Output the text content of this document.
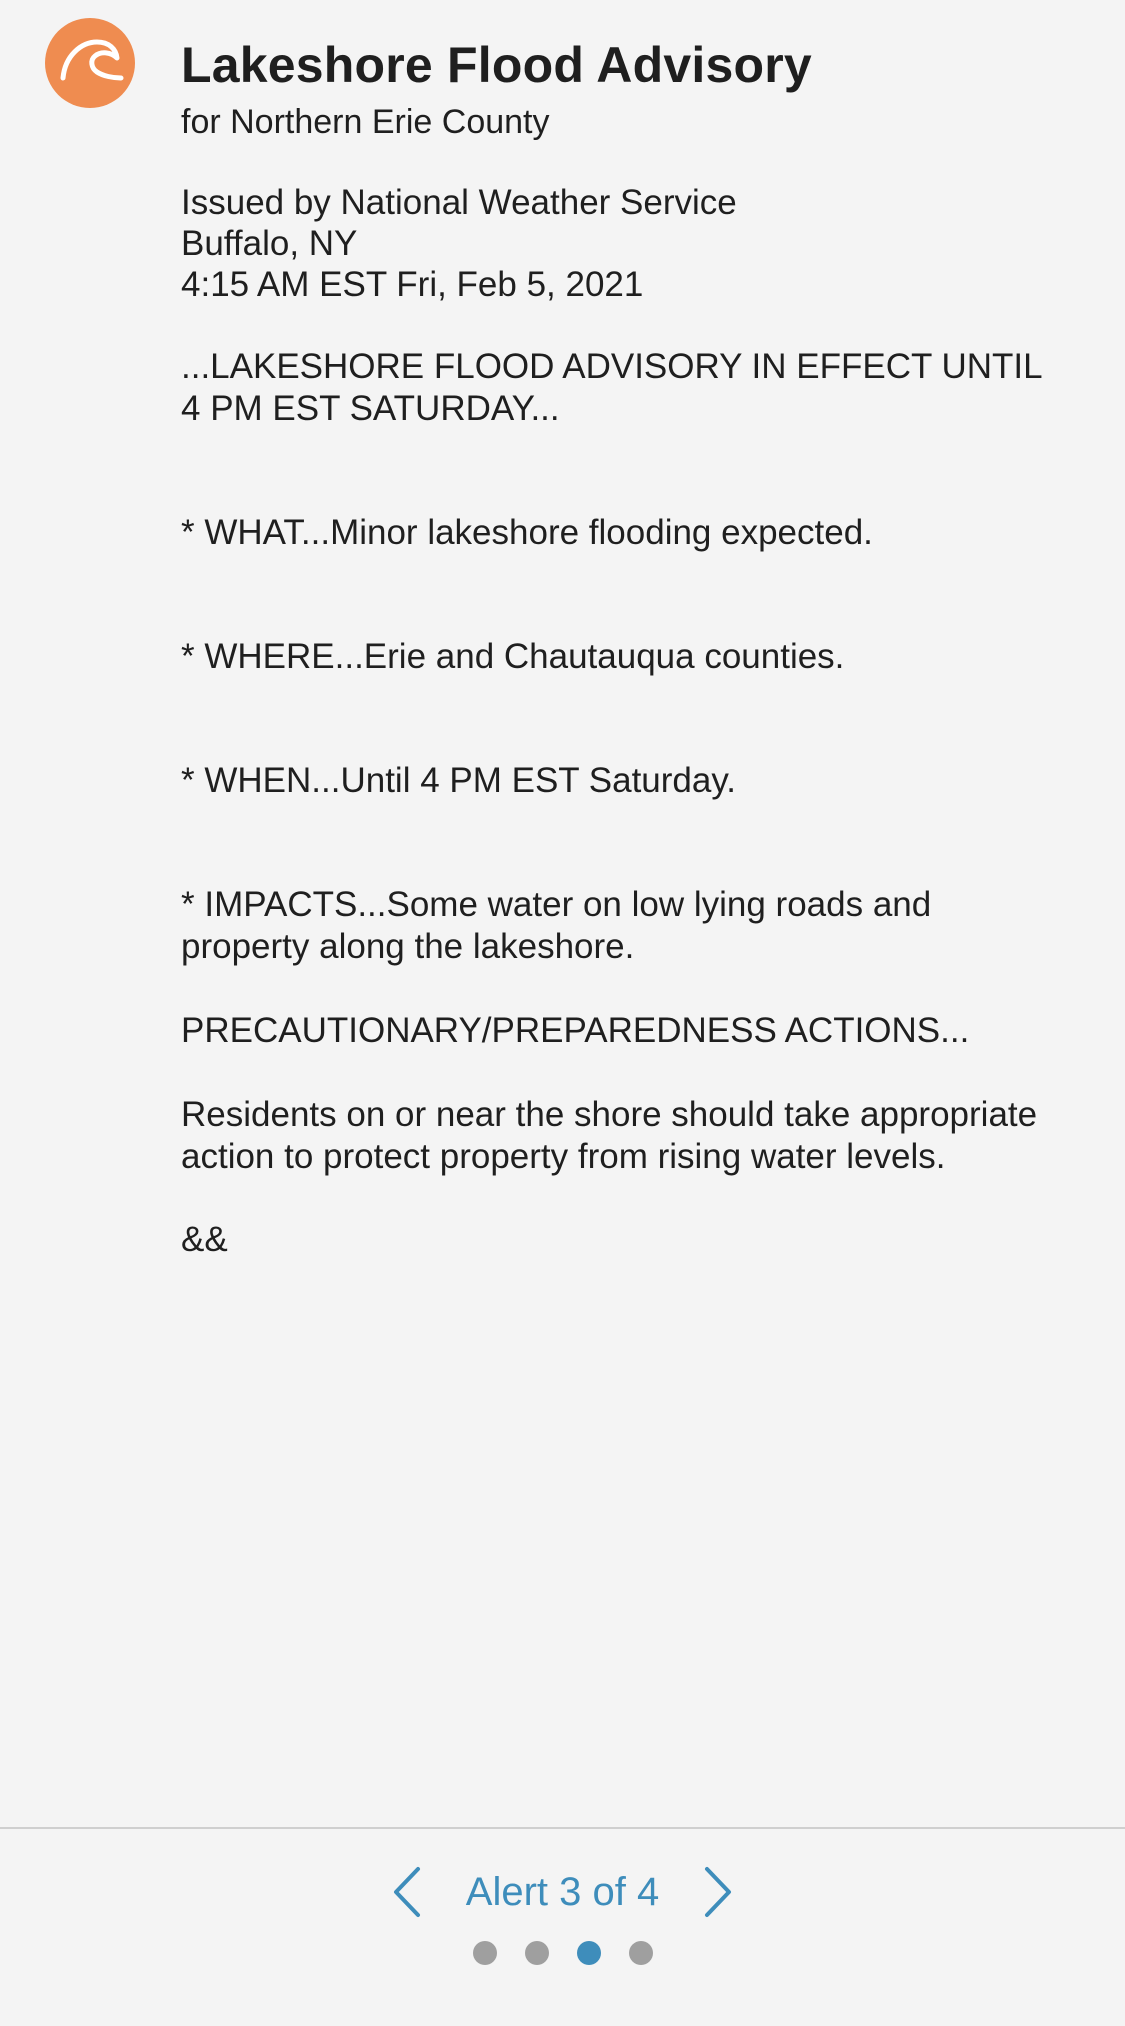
Lakeshore Flood Advisory

for Northern Erie County

Issued by National Weather Service
Buffalo, NY
4:15 AM EST Fri, Feb 5, 2021
...LAKESHORE FLOOD ADVISORY IN EFFECT UNTIL
4 PM EST SATURDAY...
* WHAT...Minor lakeshore flooding expected.
* WHERE...Erie and Chautauqua counties.
* WHEN...Until 4 PM EST Saturday.
* IMPACTS...Some water on low lying roads and
property along the lakeshore.
PRECAUTIONARY/PREPAREDNESS ACTIONS...
Residents on or near the shore should take appropriate
action to protect property from rising water levels.
&&
Alert 3 of 4
